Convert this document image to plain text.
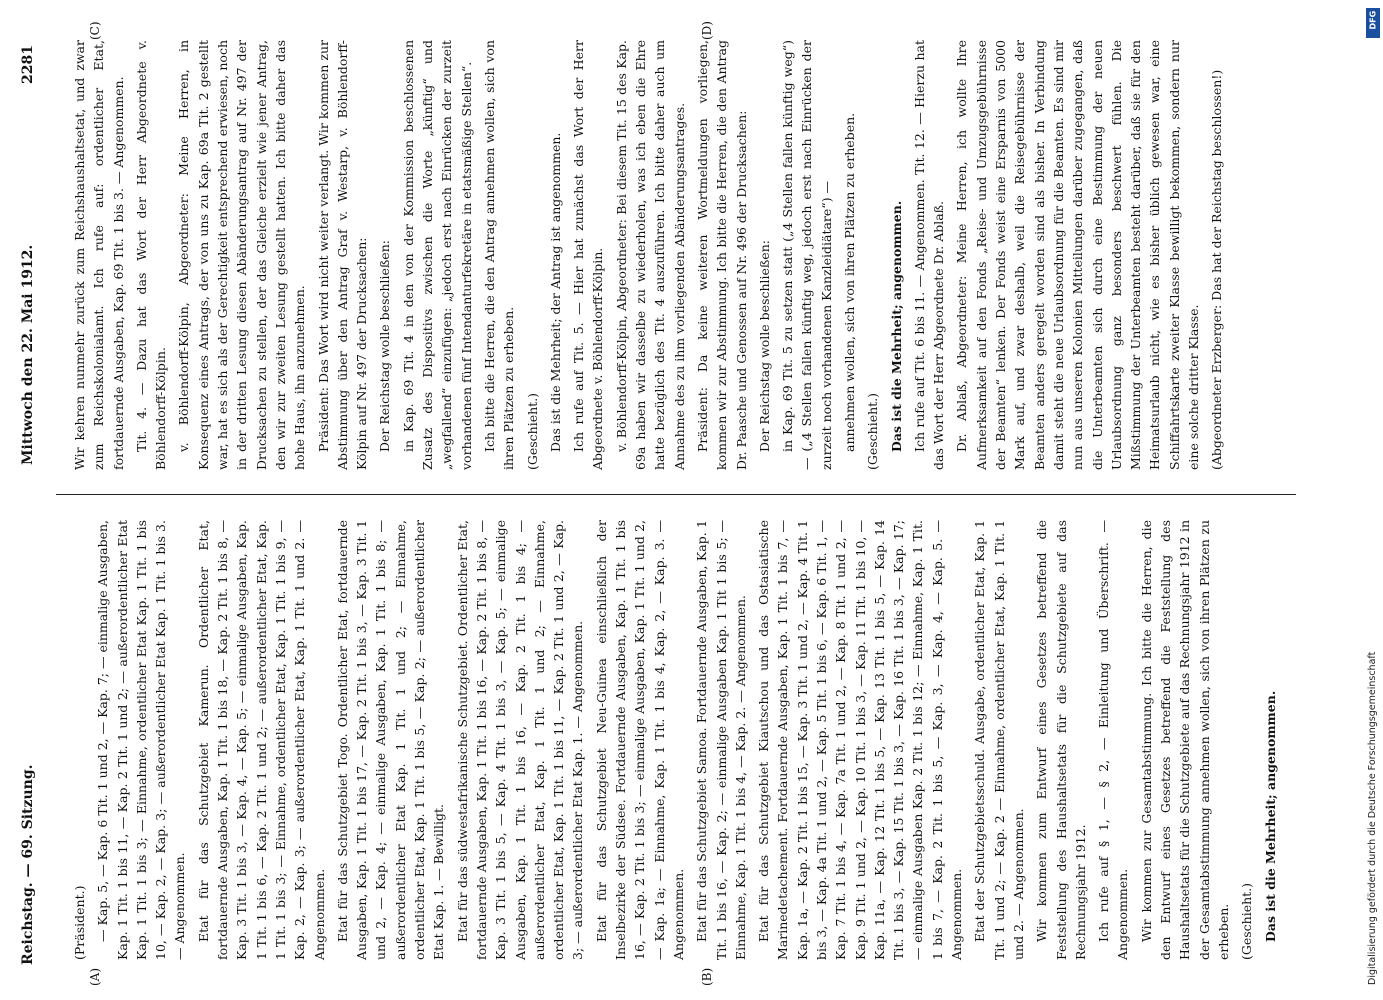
Reichstag. — 69. Sitzung.
Mittwoch den 22. Mai 1912.
2281
(A)	(B)
(C)	(D)

(Präsident.) — Kap. 5, — Kap. 6 Tit. 1 und 2, — Kap. 7; — einmalige Ausgaben, Kap. 1 Tit. 1 bis 11, — Kap. 2 Tit. 1 und 2; — außerordentlicher Etat Kap. 1 Tit. 1 bis 3; — Einnahme, ordentlicher Etat Kap. 1 Tit. 1 bis 10, — Kap. 2, — Kap. 3; — außerordentlicher Etat Kap. 1 Tit. 1 bis 3. — Angenommen. Etat für das Schutzgebiet Kamerun. Ordentlicher Etat, fortdauernde Ausgaben, Kap. 1 Tit. 1 bis 18, — Kap. 2 Tit. 1 bis 8, — Kap. 3 Tit. 1 bis 3, — Kap. 4, — Kap. 5; — einmalige Ausgaben, Kap. 1 Tit. 1 bis 6, — Kap. 2 Tit. 1 und 2; — außerordentlicher Etat, Kap. 1 Tit. 1 bis 3; — Einnahme, ordentlicher Etat, Kap. 1 Tit. 1 bis 9, — Kap. 2, — Kap. 3; — außerordentlicher Etat, Kap. 1 Tit. 1 und 2. — Angenommen. Etat für das Schutzgebiet Togo. Ordentlicher Etat, fortdauernde Ausgaben, Kap. 1 Tit. 1 bis 17, — Kap. 2 Tit. 1 bis 3, — Kap. 3 Tit. 1 und 2, — Kap. 4; — einmalige Ausgaben, Kap. 1 Tit. 1 bis 8; — außerordentlicher Etat Kap. 1 Tit. 1 und 2; — Einnahme, ordentlicher Etat, Kap. 1 Tit. 1 bis 5, — Kap. 2; — außerordentlicher Etat Kap. 1. — Bewilligt. Etat für das südwestafrikanische Schutzgebiet. Ordentlicher Etat, fortdauernde Ausgaben, Kap. 1 Tit. 1 bis 16, — Kap. 2 Tit. 1 bis 8, — Kap. 3 Tit. 1 bis 5, — Kap. 4 Tit. 1 bis 3, — Kap. 5; — einmalige Ausgaben, Kap. 1 Tit. 1 bis 16, — Kap. 2 Tit. 1 bis 4; — außerordentlicher Etat, Kap. 1 Tit. 1 und 2; — Einnahme, ordentlicher Etat, Kap. 1 Tit. 1 bis 11, — Kap. 2 Tit. 1 und 2, — Kap. 3; — außerordentlicher Etat Kap. 1. — Angenommen. Etat für das Schutzgebiet Neu-Guinea einschließlich der Inselbezirke der Südsee. Fortdauernde Ausgaben, Kap. 1 Tit. 1 bis 16, — Kap. 2 Tit. 1 bis 3; — einmalige Ausgaben, Kap. 1 Tit. 1 und 2, — Kap. 1a; — Einnahme, Kap. 1 Tit. 1 bis 4, Kap. 2, — Kap. 3. — Angenommen. Etat für das Schutzgebiet Samoa. Fortdauernde Ausgaben, Kap. 1 Tit. 1 bis 16, — Kap. 2; — einmalige Ausgaben Kap. 1 Tit 1 bis 5; — Einnahme, Kap. 1 Tit. 1 bis 4, — Kap. 2. — Angenommen. Etat für das Schutzgebiet Kiautschou und das Ostasiatische Marinedetachement. Fortdauernde Ausgaben, Kap. 1 Tit. 1 bis 7, — Kap. 1a, — Kap. 2 Tit. 1 bis 15, — Kap. 3 Tit. 1 und 2, — Kap. 4 Tit. 1 bis 3, — Kap. 4a Tit. 1 und 2, — Kap. 5 Tit. 1 bis 6, — Kap. 6 Tit. 1, — Kap. 7 Tit. 1 bis 4, — Kap. 7a Tit. 1 und 2, — Kap. 8 Tit. 1 und 2, — Kap. 9 Tit. 1 und 2, — Kap. 10 Tit. 1 bis 3, — Kap. 11 Tit. 1 bis 10, — Kap. 11a, — Kap. 12 Tit. 1 bis 5, — Kap. 13 Tit. 1 bis 5, — Kap. 14 Tit. 1 bis 3, — Kap. 15 Tit. 1 bis 3, — Kap. 16 Tit. 1 bis 3, — Kap. 17; — einmalige Ausgaben Kap. 2 Tit. 1 bis 12; — Einnahme, Kap. 1 Tit. 1 bis 7, — Kap. 2 Tit. 1 bis 5, — Kap. 3, — Kap. 4, — Kap. 5. — Angenommen. Etat der Schutzgebietsschuld. Ausgabe, ordentlicher Etat, Kap. 1 Tit. 1 und 2; — Kap. 2 — Einnahme, ordentlicher Etat, Kap. 1 Tit. 1 und 2. — Angenommen. Wir kommen zum Entwurf eines Gesetzes betreffend die Feststellung des Haushaltsetats für die Schutzgebiete auf das Rechnungsjahr 1912. Ich rufe auf § 1, — § 2, — Einleitung und Überschrift. — Angenommen. Wir kommen zur Gesamtabstimmung. Ich bitte die Herren, die den Entwurf eines Gesetzes betreffend die Feststellung des Haushaltsetats für die Schutzgebiete auf das Rechnungsjahr 1912 in der Gesamtabstimmung annehmen wollen, sich von ihren Plätzen zu erheben. (Geschieht.) Das ist die Mehrheit; angenommen.

Wir kehren nunmehr zurück zum Reichshaushaltsetat, und zwar zum Reichskolonialamt. Ich rufe auf: ordentlicher Etat, fortdauernde Ausgaben, Kap. 69 Tit. 1 bis 3. — Angenommen. Tit. 4. — Dazu hat das Wort der Herr Abgeordnete v. Böhlendorff-Kölpin. v. Böhlendorff-Kölpin, Abgeordneter: Meine Herren, in Konsequenz eines Antrags, der von uns zu Kap. 69a Tit. 2 gestellt war, hat es sich als der Gerechtigkeit entsprechend erwiesen, noch in der dritten Lesung diesen Abänderungsantrag auf Nr. 497 der Drucksachen zu stellen, der das Gleiche erzielt wie jener Antrag, den wir zur zweiten Lesung gestellt hatten. Ich bitte daher das hohe Haus, ihn anzunehmen. Präsident: Das Wort wird nicht weiter verlangt. Wir kommen zur Abstimmung über den Antrag Graf v. Westarp, v. Böhlendorff-Kölpin auf Nr. 497 der Drucksachen: Der Reichstag wolle beschließen: in Kap. 69 Tit. 4 in den von der Kommission beschlossenen Zusatz des Dispositivs zwischen die Worte „künftig“ und „wegfallend“ einzufügen: „jedoch erst nach Einrücken der zurzeit vorhandenen fünf Intendanturfekretäre in etatsmäßige Stellen“. Ich bitte die Herren, die den Antrag annehmen wollen, sich von ihren Plätzen zu erheben. (Geschieht.) Das ist die Mehrheit; der Antrag ist angenommen. Ich rufe auf Tit. 5. — Hier hat zunächst das Wort der Herr Abgeordnete v. Böhlendorff-Kölpin. v. Böhlendorff-Kölpin, Abgeordneter: Bei diesem Tit. 15 des Kap. 69a haben wir dasselbe zu wiederholen, was ich eben die Ehre hatte bezüglich des Tit. 4 auszuführen. Ich bitte daher auch um Annahme des zu ihm vorliegenden Abänderungsantrages. Präsident: Da keine weiteren Wortmeldungen vorliegen, kommen wir zur Abstimmung. Ich bitte die Herren, die den Antrag Dr. Paasche und Genossen auf Nr. 496 der Drucksachen: Der Reichstag wolle beschließen: in Kap. 69 Tit. 5 zu setzen statt („4 Stellen fallen künftig weg“) — („4 Stellen fallen künftig weg, jedoch erst nach Einrücken der zurzeit noch vorhandenen Kanzleidiätare“) — annehmen wollen, sich von ihren Plätzen zu erheben. (Geschieht.) Das ist die Mehrheit; angenommen. Ich rufe auf Tit. 6 bis 11. — Angenommen. Tit. 12. — Hierzu hat das Wort der Herr Abgeordnete Dr. Ablaß. Dr. Ablaß, Abgeordneter: Meine Herren, ich wollte Ihre Aufmerksamkeit auf den Fonds „Reise- und Umzugsgebührnisse der Beamten“ lenken. Der Fonds weist eine Ersparnis von 5000 Mark auf, und zwar deshalb, weil die Reisegebührnisse der Beamten anders geregelt worden sind als bisher. In Verbindung damit steht die neue Urlaubsordnung für die Beamten. Es sind mir nun aus unseren Kolonien Mitteilungen darüber zugegangen, daß die Unterbeamten sich durch eine Bestimmung der neuen Urlaubsordnung ganz besonders beschwert fühlen. Die Mißstimmung der Unterbeamten besteht darüber, daß sie für den Heimatsurlaub nicht, wie es bisher üblich gewesen war, eine Schiffahrtskarte zweiter Klasse bewilligt bekommen, sondern nur eine solche dritter Klasse. (Abgeordneter Erzberger: Das hat der Reichstag beschlossen!)

Digitalisierung gefördert durch die Deutsche Forschungsgemeinschaft
DFG
